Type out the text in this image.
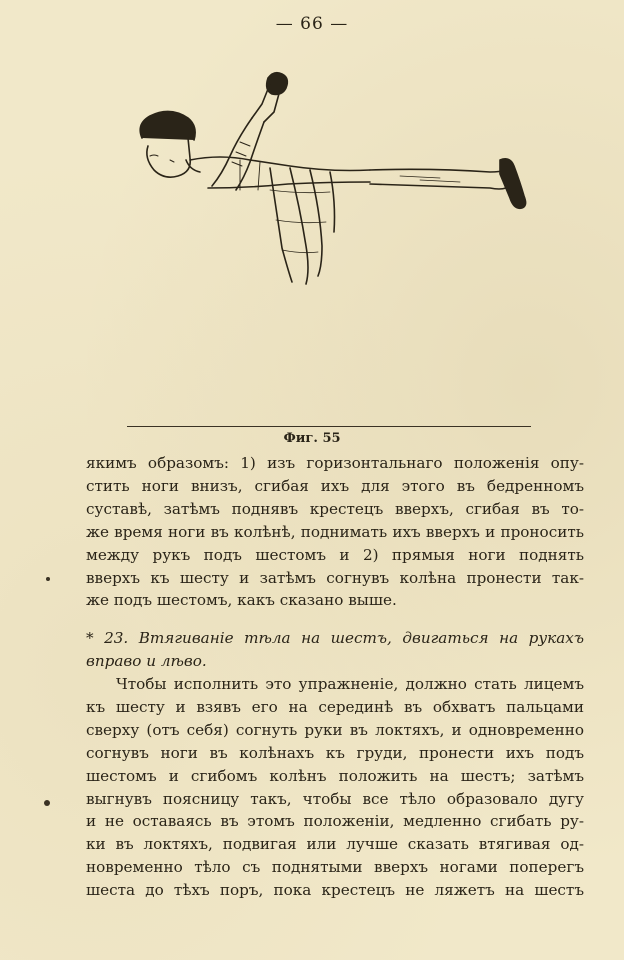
— 66 —
Фиг. 55
якимъ образомъ: 1) изъ горизонтальнаго положенія опу-
стить ноги внизъ, сгибая ихъ для этого въ бедренномъ
суставѣ, затѣмъ поднявъ крестецъ вверхъ, сгибая въ то-
же время ноги въ колѣнѣ, поднимать ихъ вверхъ и проносить
между рукъ подъ шестомъ и 2) прямыя ноги поднять
вверхъ къ шесту и затѣмъ согнувъ колѣна пронести так-
же подъ шестомъ, какъ сказано выше.
* 23. Втягиваніе тѣла на шестъ, двигаться на рукахъ
вправо и лѣво.
Чтобы исполнить это упражненіе, должно стать лицемъ
къ шесту и взявъ его на серединѣ въ обхватъ пальцами
сверху (отъ себя) согнуть руки въ локтяхъ, и одновременно
согнувъ ноги въ колѣнахъ къ груди, пронести ихъ подъ
шестомъ и сгибомъ колѣнъ положить на шестъ; затѣмъ
выгнувъ поясницу такъ, чтобы все тѣло образовало дугу
и не оставаясь въ этомъ положеніи, медленно сгибать ру-
ки въ локтяхъ, подвигая или лучше сказать втягивая од-
новременно тѣло съ поднятыми вверхъ ногами поперегъ
шеста до тѣхъ поръ, пока крестецъ не ляжетъ на шестъ
